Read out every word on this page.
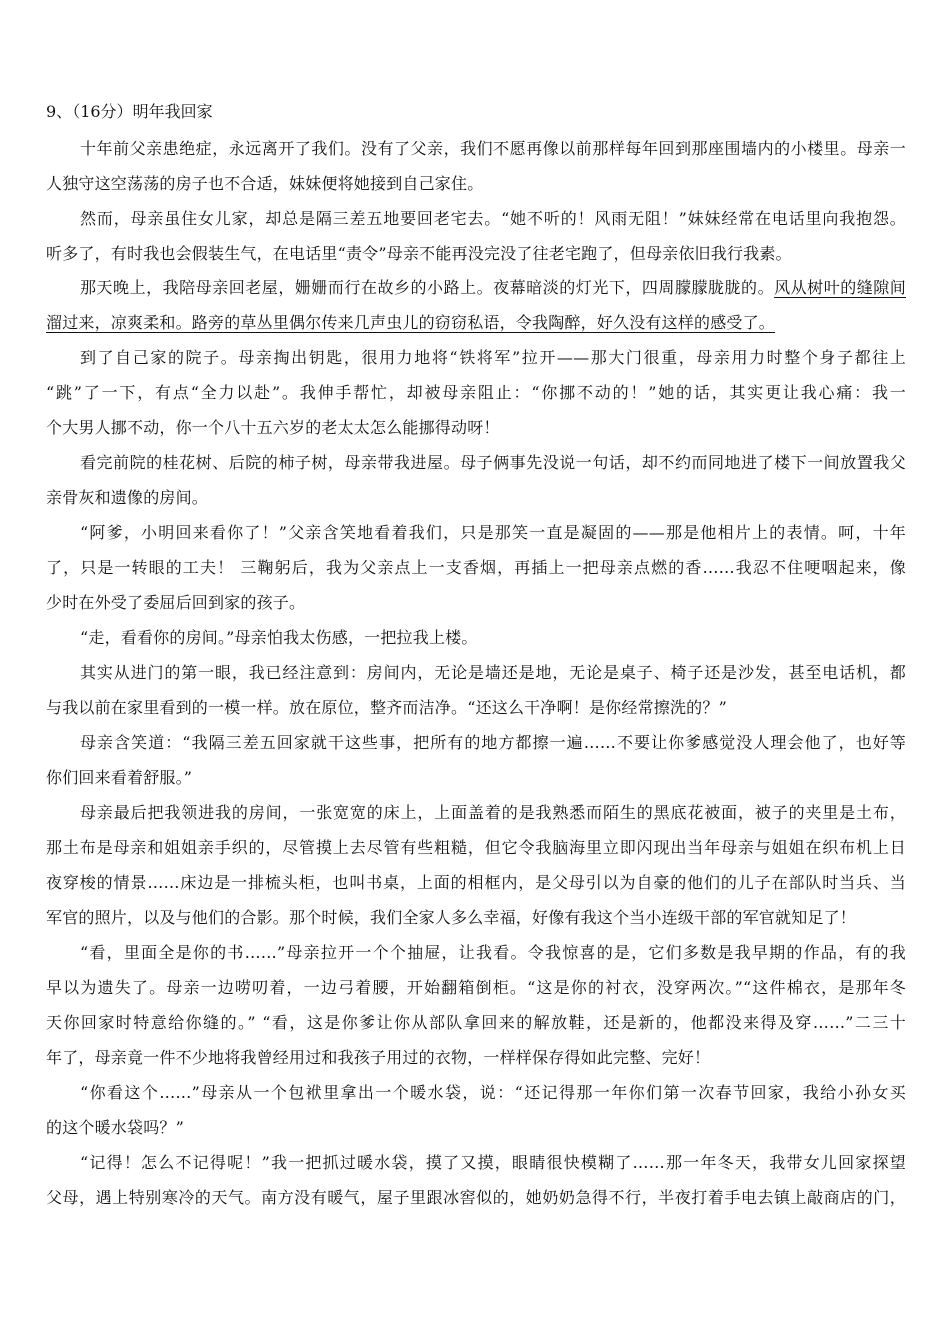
9、（16分）明年我回家
十年前父亲患绝症，永远离开了我们。没有了父亲，我们不愿再像以前那样每年回到那座围墙内的小楼里。母亲一
人独守这空荡荡的房子也不合适，妹妹便将她接到自己家住。
然而，母亲虽住女儿家，却总是隔三差五地要回老宅去。“她不听的！风雨无阻！”妹妹经常在电话里向我抱怨。
听多了，有时我也会假装生气，在电话里“责令”母亲不能再没完没了往老宅跑了，但母亲依旧我行我素。
那天晚上，我陪母亲回老屋，姗姗而行在故乡的小路上。夜幕暗淡的灯光下，四周朦朦胧胧的。风从树叶的缝隙间
溜过来，凉爽柔和。路旁的草丛里偶尔传来几声虫儿的窃窃私语，令我陶醉，好久没有这样的感受了。
到了自己家的院子。母亲掏出钥匙，很用力地将“铁将军”拉开——那大门很重，母亲用力时整个身子都往上
“跳”了一下，有点“全力以赴”。我伸手帮忙，却被母亲阻止：“你挪不动的！”她的话，其实更让我心痛：我一
个大男人挪不动，你一个八十五六岁的老太太怎么能挪得动呀！
看完前院的桂花树、后院的柿子树，母亲带我进屋。母子俩事先没说一句话，却不约而同地进了楼下一间放置我父
亲骨灰和遗像的房间。
“阿爹，小明回来看你了！”父亲含笑地看着我们，只是那笑一直是凝固的——那是他相片上的表情。呵，十年
了，只是一转眼的工夫！ 三鞠躬后，我为父亲点上一支香烟，再插上一把母亲点燃的香……我忍不住哽咽起来，像
少时在外受了委屈后回到家的孩子。
“走，看看你的房间。”母亲怕我太伤感，一把拉我上楼。
其实从进门的第一眼，我已经注意到：房间内，无论是墙还是地，无论是桌子、椅子还是沙发，甚至电话机，都
与我以前在家里看到的一模一样。放在原位，整齐而洁净。“还这么干净啊！是你经常擦洗的？”
母亲含笑道：“我隔三差五回家就干这些事，把所有的地方都擦一遍……不要让你爹感觉没人理会他了，也好等
你们回来看着舒服。”
母亲最后把我领进我的房间，一张宽宽的床上，上面盖着的是我熟悉而陌生的黑底花被面，被子的夹里是土布，
那土布是母亲和姐姐亲手织的，尽管摸上去尽管有些粗糙，但它令我脑海里立即闪现出当年母亲与姐姐在织布机上日
夜穿梭的情景……床边是一排梳头柜，也叫书桌，上面的相框内，是父母引以为自豪的他们的儿子在部队时当兵、当
军官的照片，以及与他们的合影。那个时候，我们全家人多么幸福，好像有我这个当小连级干部的军官就知足了！
“看，里面全是你的书……”母亲拉开一个个抽屉，让我看。令我惊喜的是，它们多数是我早期的作品，有的我
早以为遗失了。母亲一边唠叨着，一边弓着腰，开始翻箱倒柜。“这是你的衬衣，没穿两次。”“这件棉衣，是那年冬
天你回家时特意给你缝的。” “看，这是你爹让你从部队拿回来的解放鞋，还是新的，他都没来得及穿……”二三十
年了，母亲竟一件不少地将我曾经用过和我孩子用过的衣物，一样样保存得如此完整、完好！
“你看这个……”母亲从一个包袱里拿出一个暖水袋，说：“还记得那一年你们第一次春节回家，我给小孙女买
的这个暖水袋吗？”
“记得！怎么不记得呢！”我一把抓过暖水袋，摸了又摸，眼睛很快模糊了……那一年冬天，我带女儿回家探望
父母，遇上特别寒冷的天气。南方没有暖气，屋子里跟冰窖似的，她奶奶急得不行，半夜打着手电去镇上敲商店的门，
